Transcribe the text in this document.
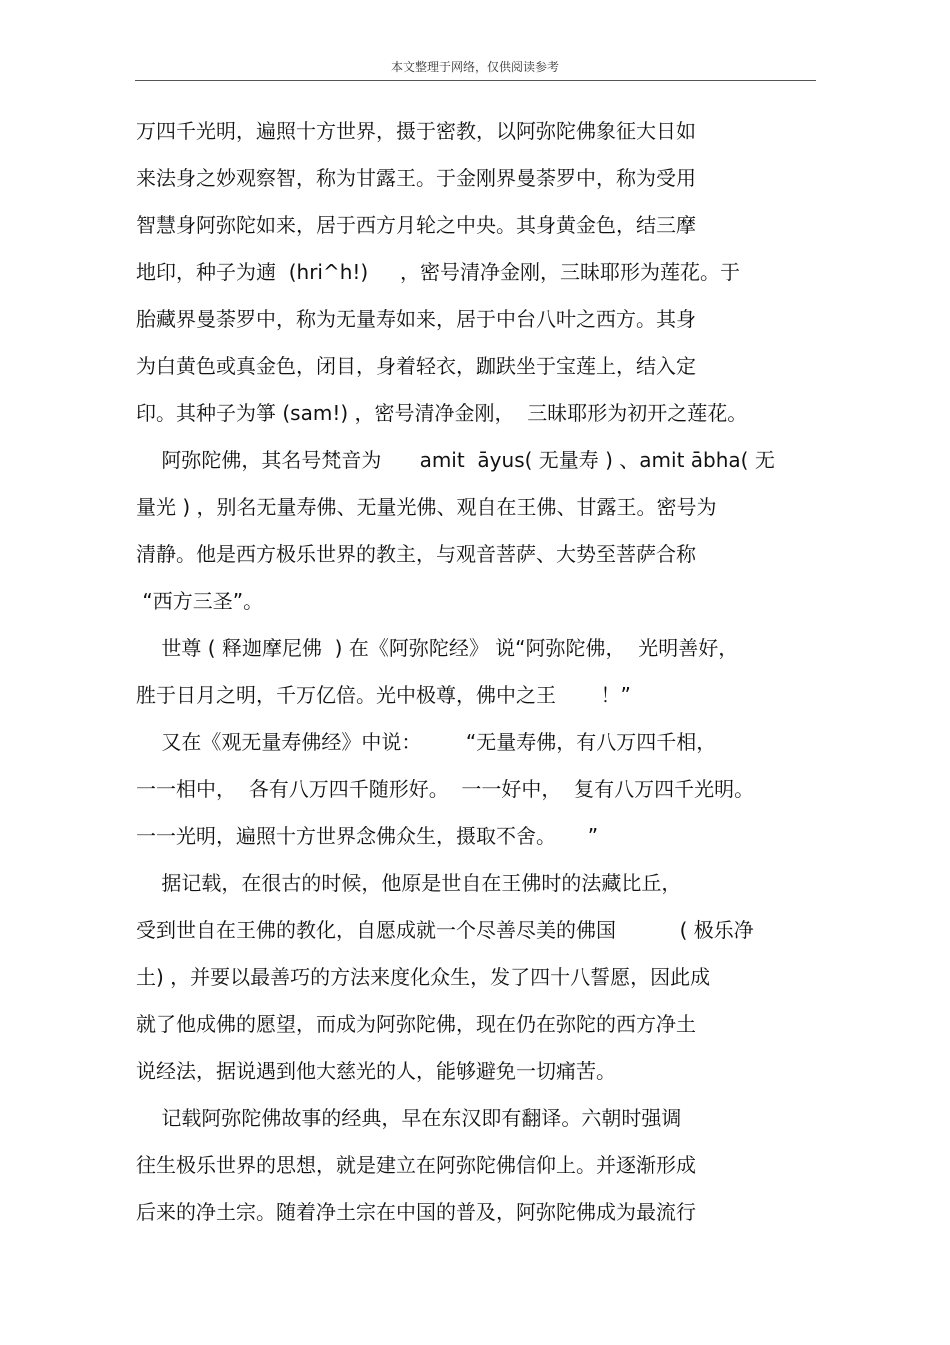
本文整理于网络，仅供阅读参考
万四千光明，遍照十方世界，摄于密教，以阿弥陀佛象征大日如
来法身之妙观察智，称为甘露王。于金刚界曼荼罗中，称为受用
智慧身阿弥陀如来，居于西方月轮之中央。其身黄金色，结三摩
地印，种子为遖  (hri^h!)     ，密号清净金刚，三昧耶形为莲花。于
胎藏界曼荼罗中，称为无量寿如来，居于中台八叶之西方。其身
为白黄色或真金色，闭目，身着轻衣，跏趺坐于宝莲上，结入定
印。其种子为箏 (sam!) ，密号清净金刚，  三昧耶形为初开之莲花。
阿弥陀佛，其名号梵音为      amit  āyus( 无量寿 ) 、amit ābha( 无
量光 ) ，别名无量寿佛、无量光佛、观自在王佛、甘露王。密号为
清静。他是西方极乐世界的教主，与观音菩萨、大势至菩萨合称
“西方三圣”。
世尊 ( 释迦摩尼佛  ) 在《阿弥陀经》 说“阿弥陀佛，  光明善好，
胜于日月之明，千万亿倍。光中极尊，佛中之王       ！”
又在《观无量寿佛经》中说：       “无量寿佛，有八万四千相，
一一相中，  各有八万四千随形好。  一一好中，  复有八万四千光明。
一一光明，遍照十方世界念佛众生，摄取不舍。     ”
据记载，在很古的时候，他原是世自在王佛时的法藏比丘，
受到世自在王佛的教化，自愿成就一个尽善尽美的佛国          ( 极乐净
土) ，并要以最善巧的方法来度化众生，发了四十八誓愿，因此成
就了他成佛的愿望，而成为阿弥陀佛，现在仍在弥陀的西方净土
说经法，据说遇到他大慈光的人，能够避免一切痛苦。
记载阿弥陀佛故事的经典，早在东汉即有翻译。六朝时强调
往生极乐世界的思想，就是建立在阿弥陀佛信仰上。并逐渐形成
后来的净土宗。随着净土宗在中国的普及，阿弥陀佛成为最流行
